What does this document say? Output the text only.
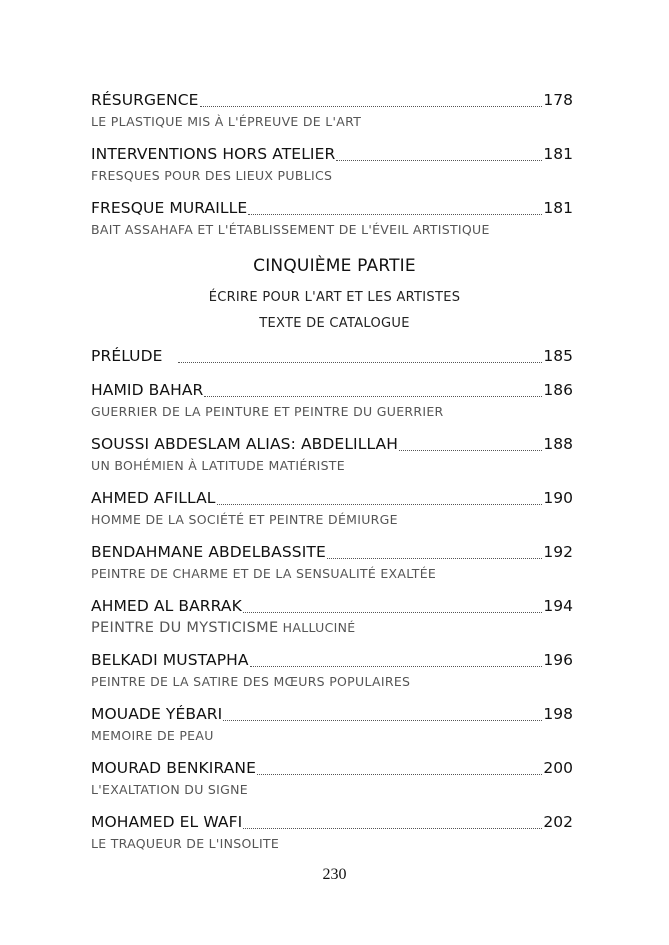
RÉSURGENCE	178
LE PLASTIQUE MIS À L'ÉPREUVE DE L'ART
INTERVENTIONS HORS ATELIER	181
FRESQUES POUR DES LIEUX PUBLICS
FRESQUE MURAILLE	181
BAIT ASSAHAFA ET L'ÉTABLISSEMENT DE L'ÉVEIL ARTISTIQUE
CINQUIÈME PARTIE
ÉCRIRE POUR L'ART ET LES ARTISTES
TEXTE DE CATALOGUE
PRÉLUDE	185
HAMID BAHAR	186
GUERRIER DE LA PEINTURE ET PEINTRE DU GUERRIER
SOUSSI ABDESLAM ALIAS: ABDELILLAH	188
UN BOHÉMIEN À LATITUDE MATIÉRISTE
AHMED AFILLAL	190
HOMME DE LA SOCIÉTÉ ET PEINTRE DÉMIURGE
BENDAHMANE ABDELBASSITE	192
PEINTRE DE CHARME ET DE LA SENSUALITÉ EXALTÉE
AHMED AL BARRAK	194
PEINTRE DU MYSTICISME HALLUCINÉ
BELKADI MUSTAPHA	196
PEINTRE DE LA SATIRE DES MŒURS POPULAIRES
MOUADE YÉBARI	198
MEMOIRE DE PEAU
MOURAD BENKIRANE	200
L'EXALTATION DU SIGNE
MOHAMED EL WAFI	202
LE TRAQUEUR DE L'INSOLITE
230
